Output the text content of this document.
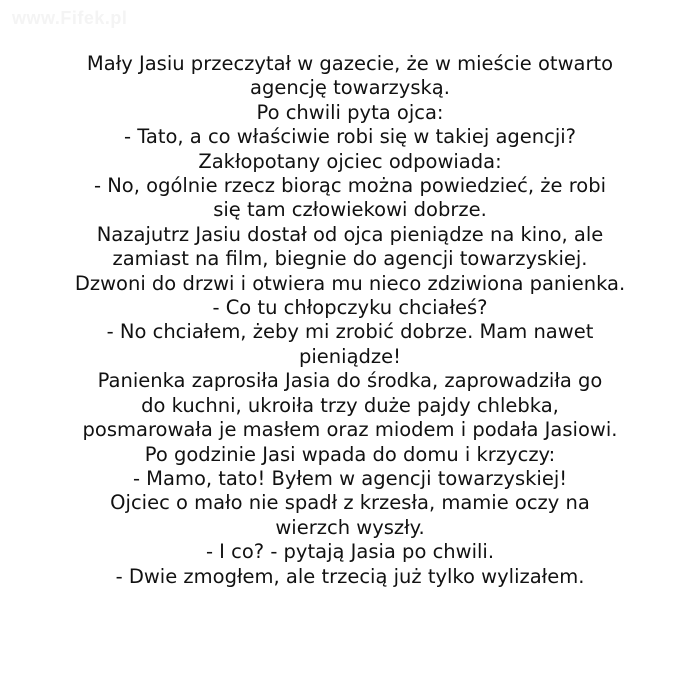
www.Fifek.pl
Mały Jasiu przeczytał w gazecie, że w mieście otwarto
agencję towarzyską.
Po chwili pyta ojca:
- Tato, a co właściwie robi się w takiej agencji?
Zakłopotany ojciec odpowiada:
- No, ogólnie rzecz biorąc można powiedzieć, że robi
się tam człowiekowi dobrze.
Nazajutrz Jasiu dostał od ojca pieniądze na kino, ale
zamiast na film, biegnie do agencji towarzyskiej.
Dzwoni do drzwi i otwiera mu nieco zdziwiona panienka.
- Co tu chłopczyku chciałeś?
- No chciałem, żeby mi zrobić dobrze. Mam nawet
pieniądze!
Panienka zaprosiła Jasia do środka, zaprowadziła go
do kuchni, ukroiła trzy duże pajdy chlebka,
posmarowała je masłem oraz miodem i podała Jasiowi.
Po godzinie Jasi wpada do domu i krzyczy:
- Mamo, tato! Byłem w agencji towarzyskiej!
Ojciec o mało nie spadł z krzesła, mamie oczy na
wierzch wyszły.
- I co? - pytają Jasia po chwili.
- Dwie zmogłem, ale trzecią już tylko wylizałem.
